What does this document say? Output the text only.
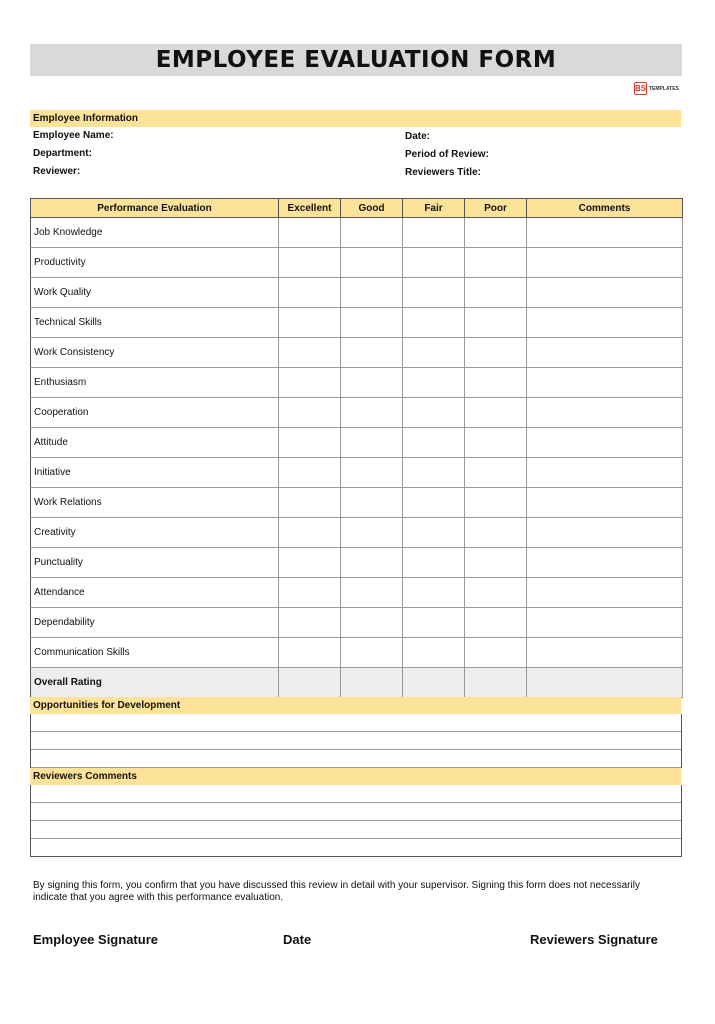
EMPLOYEE EVALUATION FORM
BS TEMPLATES
Employee Information
Employee Name:
Department:
Reviewer:
Date:
Period of Review:
Reviewers Title:
Performance Evaluation	Excellent	Good	Fair	Poor	Comments
Job Knowledge					
Productivity					
Work Quality					
Technical Skills					
Work Consistency					
Enthusiasm					
Cooperation					
Attitude					
Initiative					
Work Relations					
Creativity					
Punctuality					
Attendance					
Dependability					
Communication Skills					
Overall Rating					
Opportunities for Development
Reviewers Comments
By signing this form, you confirm that you have discussed this review in detail with your supervisor. Signing this form does not necessarily indicate that you agree with this performance evaluation.
Employee Signature	Date	Reviewers Signature
